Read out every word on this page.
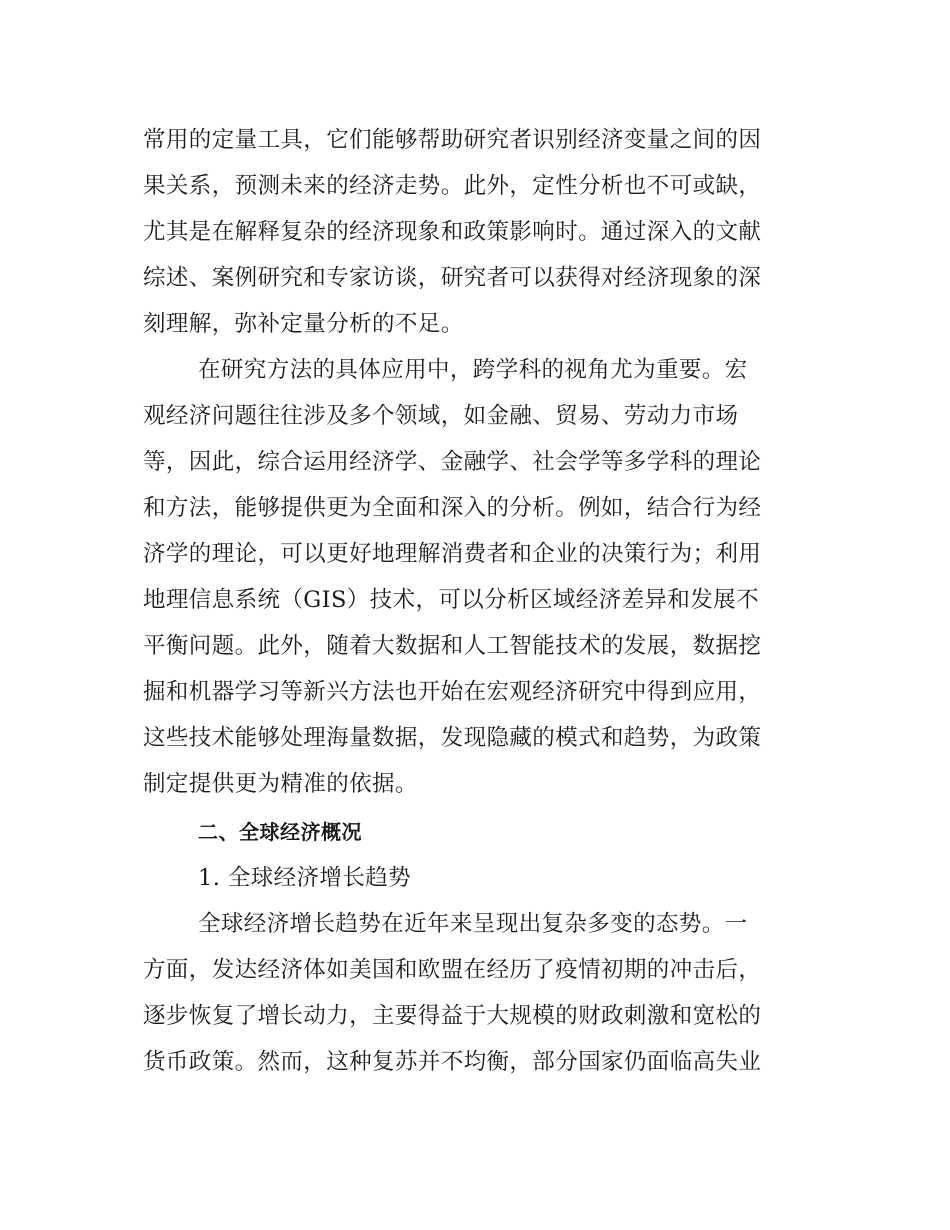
常用的定量工具，它们能够帮助研究者识别经济变量之间的因
果关系，预测未来的经济走势。此外，定性分析也不可或缺，
尤其是在解释复杂的经济现象和政策影响时。通过深入的文献
综述、案例研究和专家访谈，研究者可以获得对经济现象的深
刻理解，弥补定量分析的不足。
在研究方法的具体应用中，跨学科的视角尤为重要。宏
观经济问题往往涉及多个领域，如金融、贸易、劳动力市场
等，因此，综合运用经济学、金融学、社会学等多学科的理论
和方法，能够提供更为全面和深入的分析。例如，结合行为经
济学的理论，可以更好地理解消费者和企业的决策行为；利用
地理信息系统（GIS）技术，可以分析区域经济差异和发展不
平衡问题。此外，随着大数据和人工智能技术的发展，数据挖
掘和机器学习等新兴方法也开始在宏观经济研究中得到应用，
这些技术能够处理海量数据，发现隐藏的模式和趋势，为政策
制定提供更为精准的依据。
二、全球经济概况
1. 全球经济增长趋势
全球经济增长趋势在近年来呈现出复杂多变的态势。一
方面，发达经济体如美国和欧盟在经历了疫情初期的冲击后，
逐步恢复了增长动力，主要得益于大规模的财政刺激和宽松的
货币政策。然而，这种复苏并不均衡，部分国家仍面临高失业
